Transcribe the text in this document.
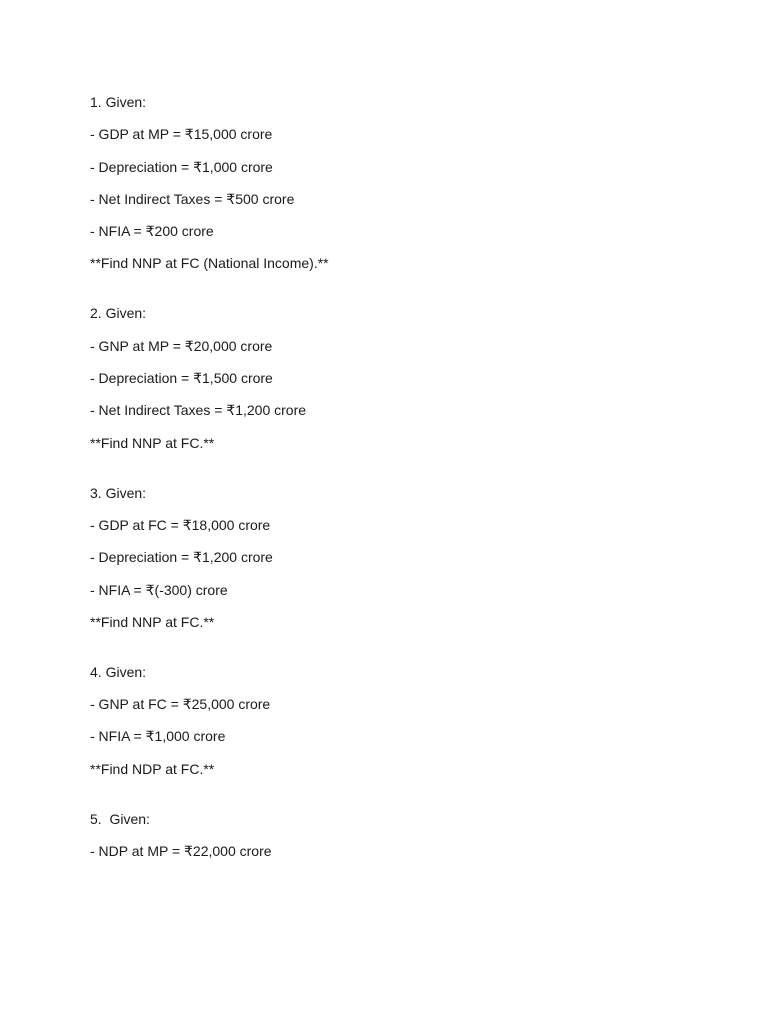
1. Given:
- GDP at MP = ₹15,000 crore
- Depreciation = ₹1,000 crore
- Net Indirect Taxes = ₹500 crore
- NFIA = ₹200 crore
**Find NNP at FC (National Income).**
2. Given:
- GNP at MP = ₹20,000 crore
- Depreciation = ₹1,500 crore
- Net Indirect Taxes = ₹1,200 crore
**Find NNP at FC.**
3. Given:
- GDP at FC = ₹18,000 crore
- Depreciation = ₹1,200 crore
- NFIA = ₹(-300) crore
**Find NNP at FC.**
4. Given:
- GNP at FC = ₹25,000 crore
- NFIA = ₹1,000 crore
**Find NDP at FC.**
5.  Given:
- NDP at MP = ₹22,000 crore
